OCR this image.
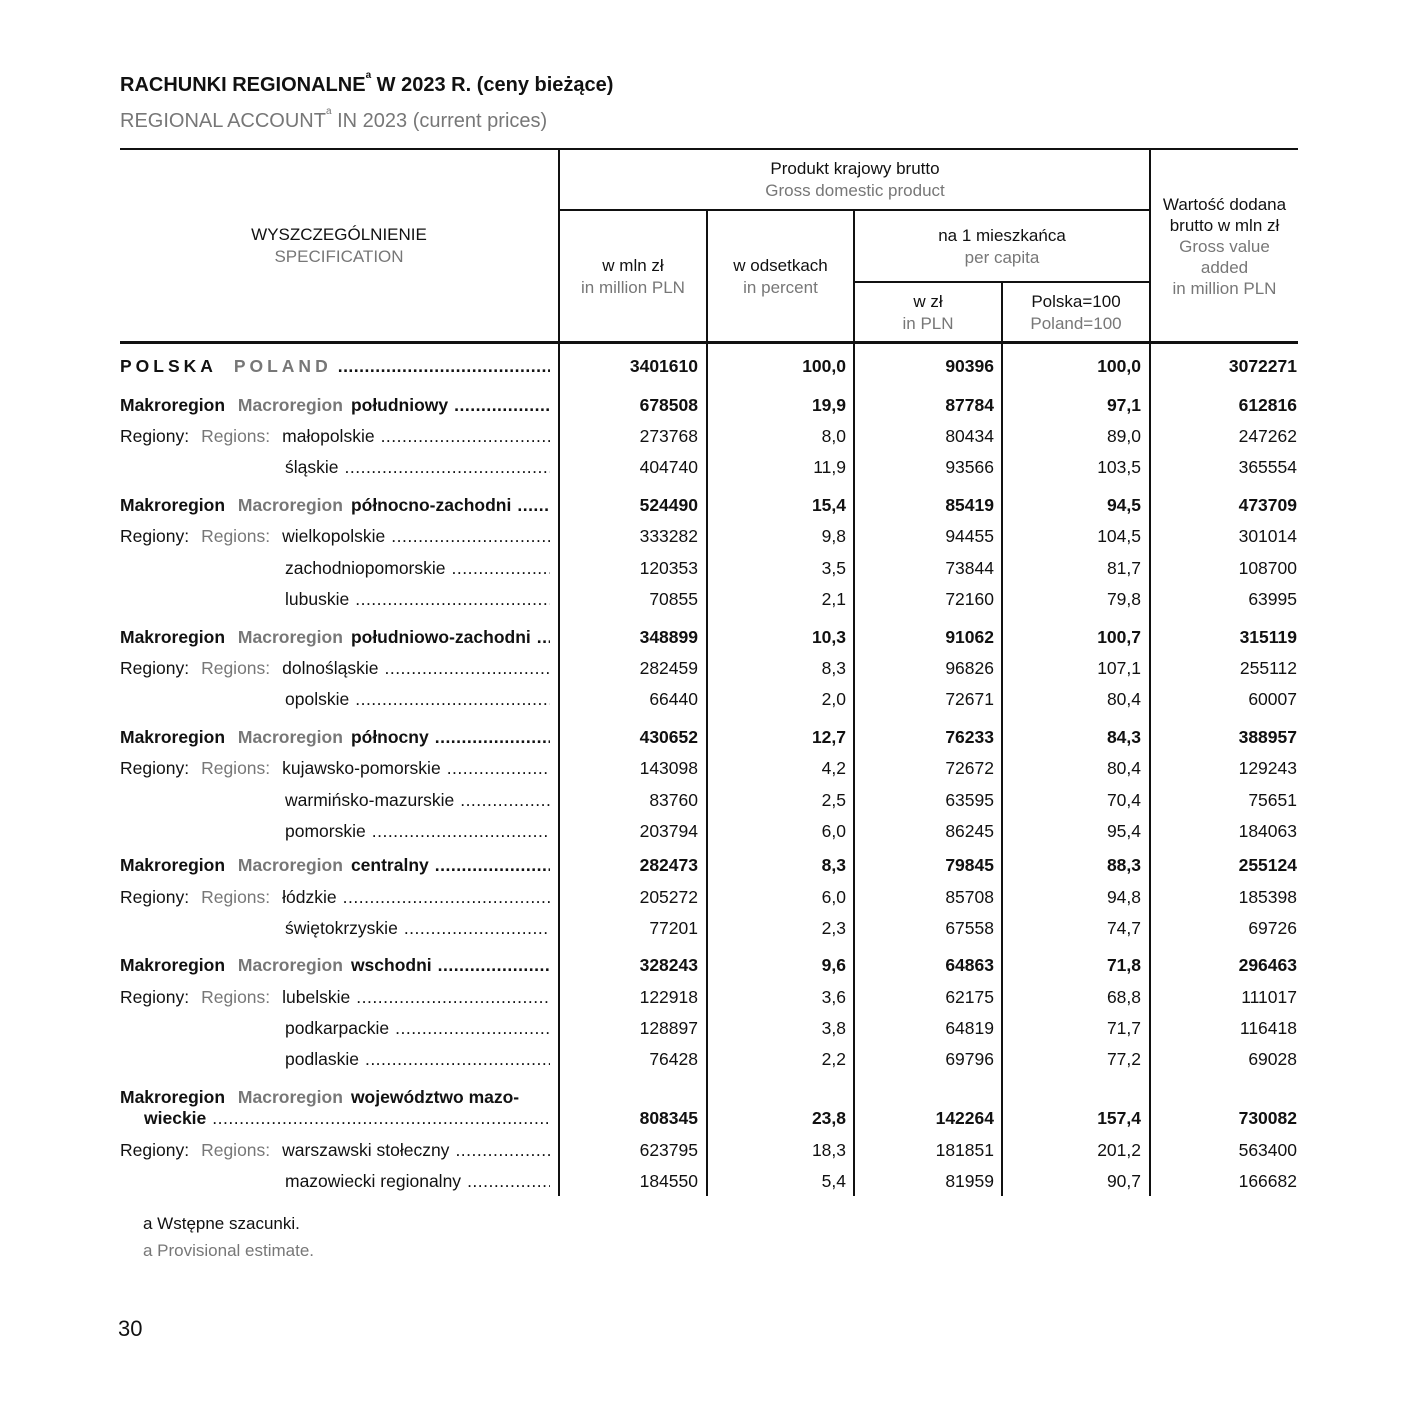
RACHUNKI REGIONALNE$^a$ W 2023 R. (ceny bieżące)
REGIONAL ACCOUNT$^a$ IN 2023 (current prices)
WYSZCZEGÓLNIENIE
SPECIFICATION
Produkt krajowy brutto
Gross domestic product
w mln zł
in million PLN
w odsetkach
in percent
na 1 mieszkańca
per capita
w zł
in PLN
Polska=100
Poland=100
Wartość dodana
brutto w mln zł
Gross value
added
in million PLN
POLSKA POLAND .....	3401610	100,0	90396	100,0	3072271
Makroregion Macroregion południowy .....	678508	19,9	87784	97,1	612816
Regiony: Regions: małopolskie .....	273768	8,0	80434	89,0	247262
śląskie .....	404740	11,9	93566	103,5	365554
Makroregion Macroregion północno-zachodni .....	524490	15,4	85419	94,5	473709
Regiony: Regions: wielkopolskie .....	333282	9,8	94455	104,5	301014
zachodniopomorskie .....	120353	3,5	73844	81,7	108700
lubuskie .....	70855	2,1	72160	79,8	63995
Makroregion Macroregion południowo-zachodni .....	348899	10,3	91062	100,7	315119
Regiony: Regions: dolnośląskie .....	282459	8,3	96826	107,1	255112
opolskie .....	66440	2,0	72671	80,4	60007
Makroregion Macroregion północny .....	430652	12,7	76233	84,3	388957
Regiony: Regions: kujawsko-pomorskie .....	143098	4,2	72672	80,4	129243
warmińsko-mazurskie .....	83760	2,5	63595	70,4	75651
pomorskie .....	203794	6,0	86245	95,4	184063
Makroregion Macroregion centralny .....	282473	8,3	79845	88,3	255124
Regiony: Regions: łódzkie .....	205272	6,0	85708	94,8	185398
świętokrzyskie .....	77201	2,3	67558	74,7	69726
Makroregion Macroregion wschodni .....	328243	9,6	64863	71,8	296463
Regiony: Regions: lubelskie .....	122918	3,6	62175	68,8	111017
podkarpackie .....	128897	3,8	64819	71,7	116418
podlaskie .....	76428	2,2	69796	77,2	69028
Makroregion Macroregion województwo mazo-
wieckie .....	808345	23,8	142264	157,4	730082
Regiony: Regions: warszawski stołeczny .....	623795	18,3	181851	201,2	563400
mazowiecki regionalny .....	184550	5,4	81959	90,7	166682
a Wstępne szacunki.
a Provisional estimate.
30
